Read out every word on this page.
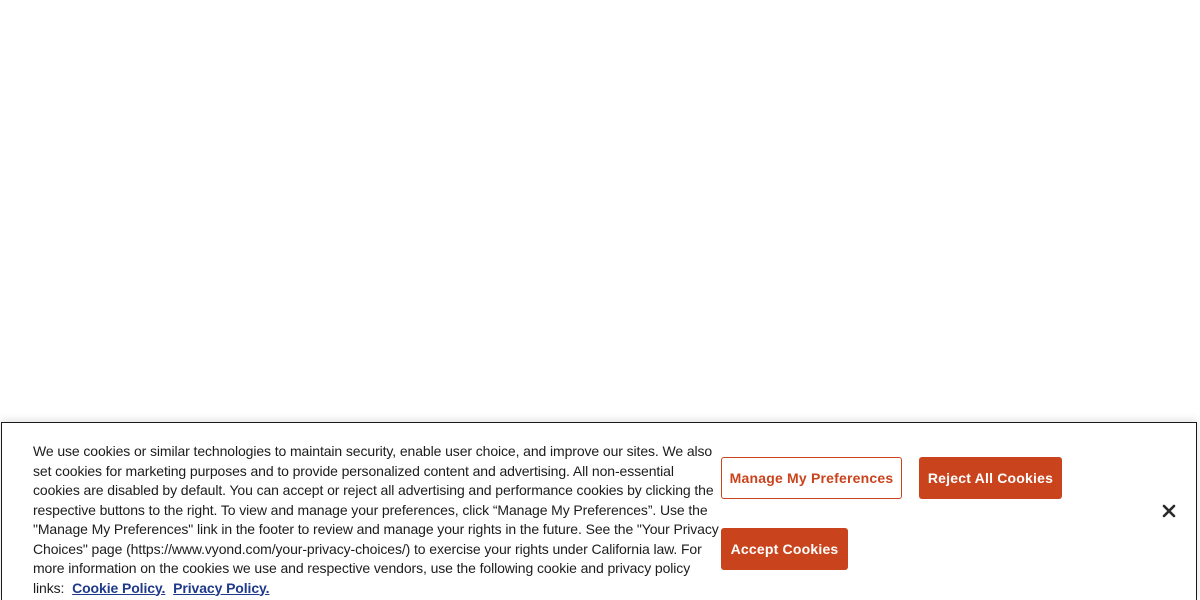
We use cookies or similar technologies to maintain security, enable user choice, and improve our sites. We also set cookies for marketing purposes and to provide personalized content and advertising. All non-essential cookies are disabled by default. You can accept or reject all advertising and performance cookies by clicking the respective buttons to the right. To view and manage your preferences, click “Manage My Preferences”. Use the "Manage My Preferences" link in the footer to review and manage your rights in the future. See the "Your Privacy Choices" page (https://www.vyond.com/your-privacy-choices/) to exercise your rights under California law. For more information on the cookies we use and respective vendors, use the following cookie and privacy policy links: Cookie Policy. Privacy Policy.
Manage My Preferences	Reject All Cookies
Accept Cookies
